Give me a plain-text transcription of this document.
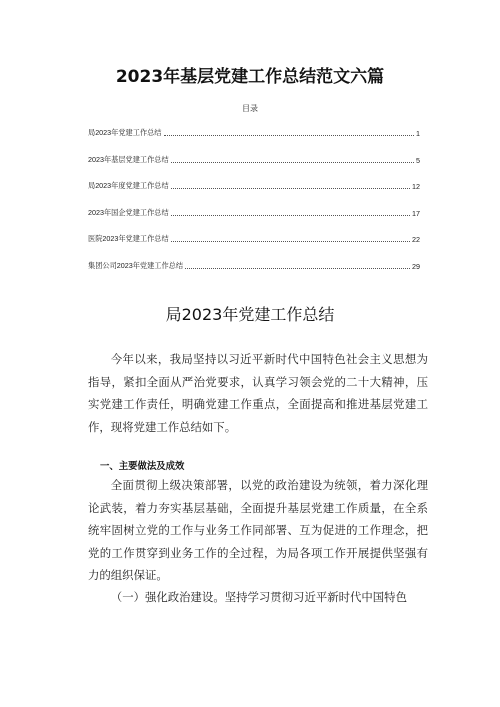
2023年基层党建工作总结范文六篇
目录
局2023年党建工作总结	1
2023年基层党建工作总结	5
局2023年度党建工作总结	12
2023年国企党建工作总结	17
医院2023年党建工作总结	22
集团公司2023年党建工作总结	29
局2023年党建工作总结

今年以来，我局坚持以习近平新时代中国特色社会主义思想为指导，紧扣全面从严治党要求，认真学习领会党的二十大精神，压实党建工作责任，明确党建工作重点，全面提高和推进基层党建工作，现将党建工作总结如下。

一、主要做法及成效

全面贯彻上级决策部署，以党的政治建设为统领，着力深化理论武装，着力夯实基层基础，全面提升基层党建工作质量，在全系统牢固树立党的工作与业务工作同部署、互为促进的工作理念，把党的工作贯穿到业务工作的全过程，为局各项工作开展提供坚强有力的组织保证。

（一）强化政治建设。坚持学习贯彻习近平新时代中国特色
